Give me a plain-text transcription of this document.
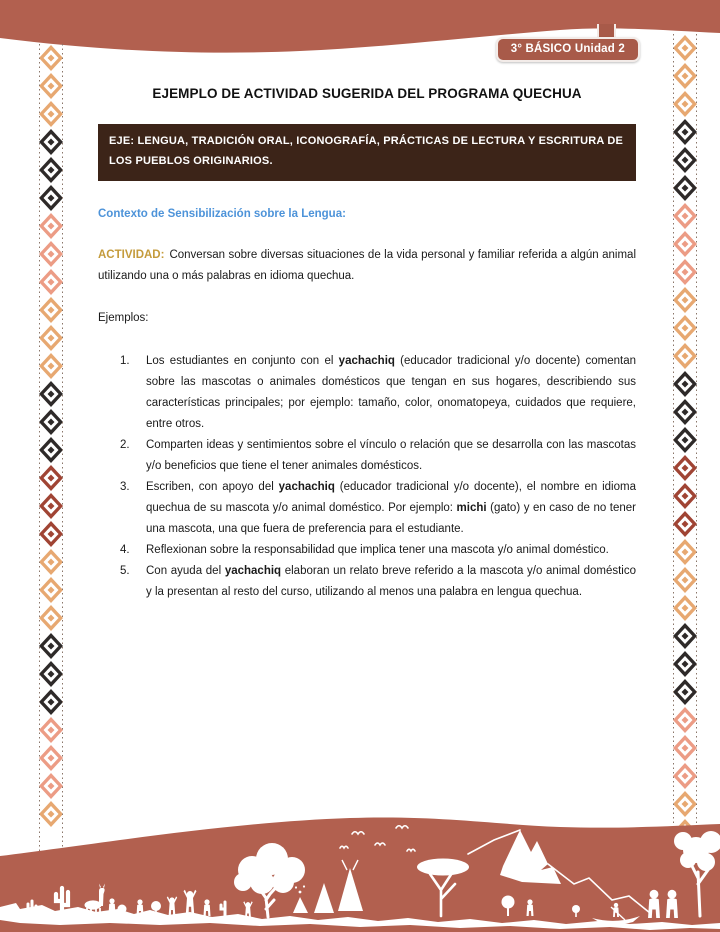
3° BÁSICO Unidad 2
EJEMPLO DE ACTIVIDAD SUGERIDA DEL PROGRAMA QUECHUA
EJE: LENGUA, TRADICIÓN ORAL, ICONOGRAFÍA, PRÁCTICAS DE LECTURA Y ESCRITURA DE LOS PUEBLOS ORIGINARIOS.
Contexto de Sensibilización sobre la Lengua:

ACTIVIDAD: Conversan sobre diversas situaciones de la vida personal y familiar referida a algún animal utilizando una o más palabras en idioma quechua.

Ejemplos:
1.	Los estudiantes en conjunto con el yachachiq (educador tradicional y/o docente) comentan sobre las mascotas o animales domésticos que tengan en sus hogares, describiendo sus características principales; por ejemplo: tamaño, color, onomatopeya, cuidados que requiere, entre otros.
2.	Comparten ideas y sentimientos sobre el vínculo o relación que se desarrolla con las mascotas y/o beneficios que tiene el tener animales domésticos.
3.	Escriben, con apoyo del yachachiq (educador tradicional y/o docente), el nombre en idioma quechua de su mascota y/o animal doméstico. Por ejemplo: michi (gato) y en caso de no tener una mascota, una que fuera de preferencia para el estudiante.
4.	Reflexionan sobre la responsabilidad que implica tener una mascota y/o animal doméstico.
5.	Con ayuda del yachachiq elaboran un relato breve referido a la mascota y/o animal doméstico y la presentan al resto del curso, utilizando al menos una palabra en lengua quechua.
